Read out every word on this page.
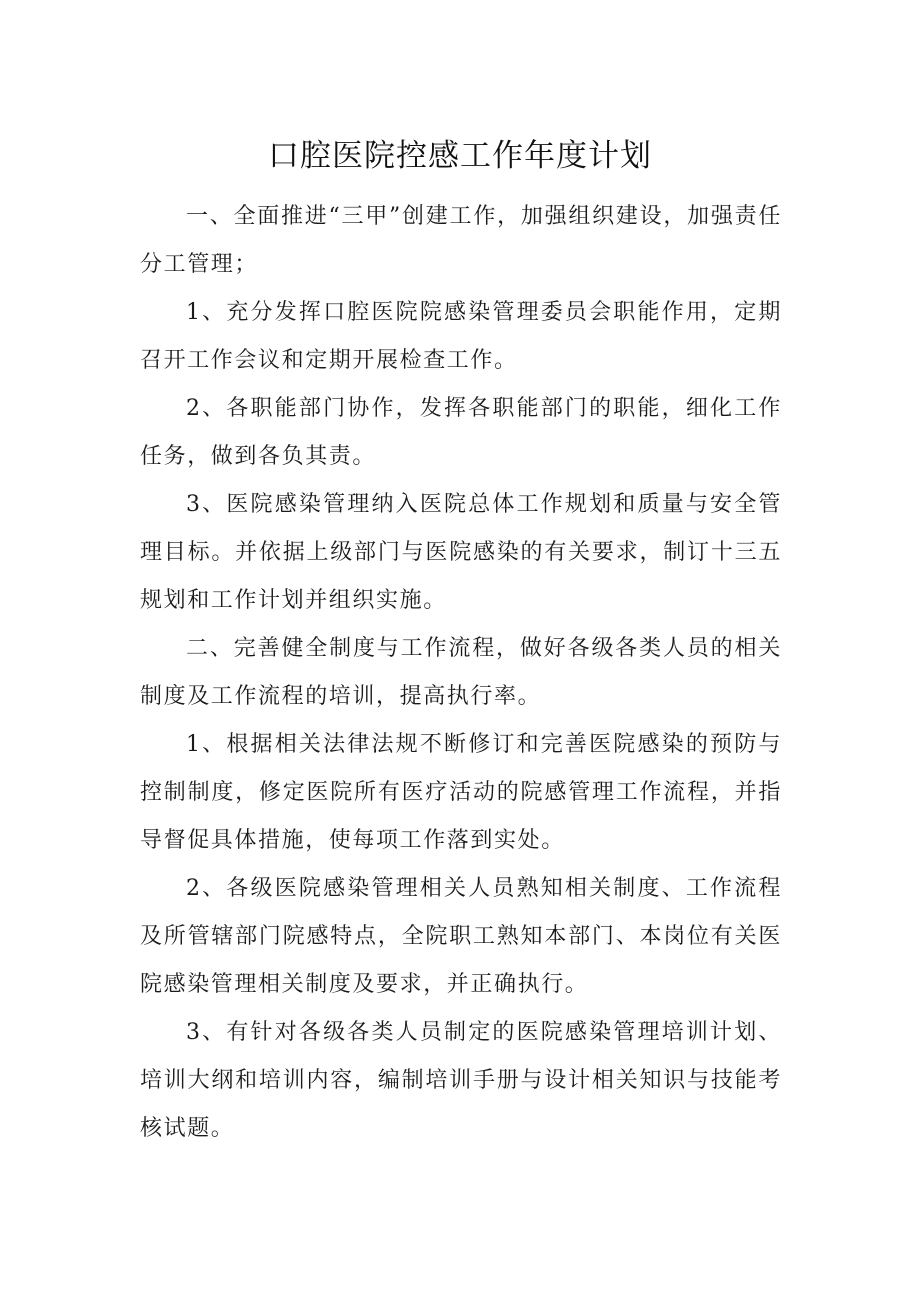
口腔医院控感工作年度计划

一、全面推进“三甲”创建工作，加强组织建设，加强责任分工管理；

1、充分发挥口腔医院院感染管理委员会职能作用，定期召开工作会议和定期开展检查工作。

2、各职能部门协作，发挥各职能部门的职能，细化工作任务，做到各负其责。

3、医院感染管理纳入医院总体工作规划和质量与安全管理目标。并依据上级部门与医院感染的有关要求，制订十三五规划和工作计划并组织实施。

二、完善健全制度与工作流程，做好各级各类人员的相关制度及工作流程的培训，提高执行率。

1、根据相关法律法规不断修订和完善医院感染的预防与控制制度，修定医院所有医疗活动的院感管理工作流程，并指导督促具体措施，使每项工作落到实处。

2、各级医院感染管理相关人员熟知相关制度、工作流程及所管辖部门院感特点，全院职工熟知本部门、本岗位有关医院感染管理相关制度及要求，并正确执行。

3、有针对各级各类人员制定的医院感染管理培训计划、培训大纲和培训内容，编制培训手册与设计相关知识与技能考核试题。
